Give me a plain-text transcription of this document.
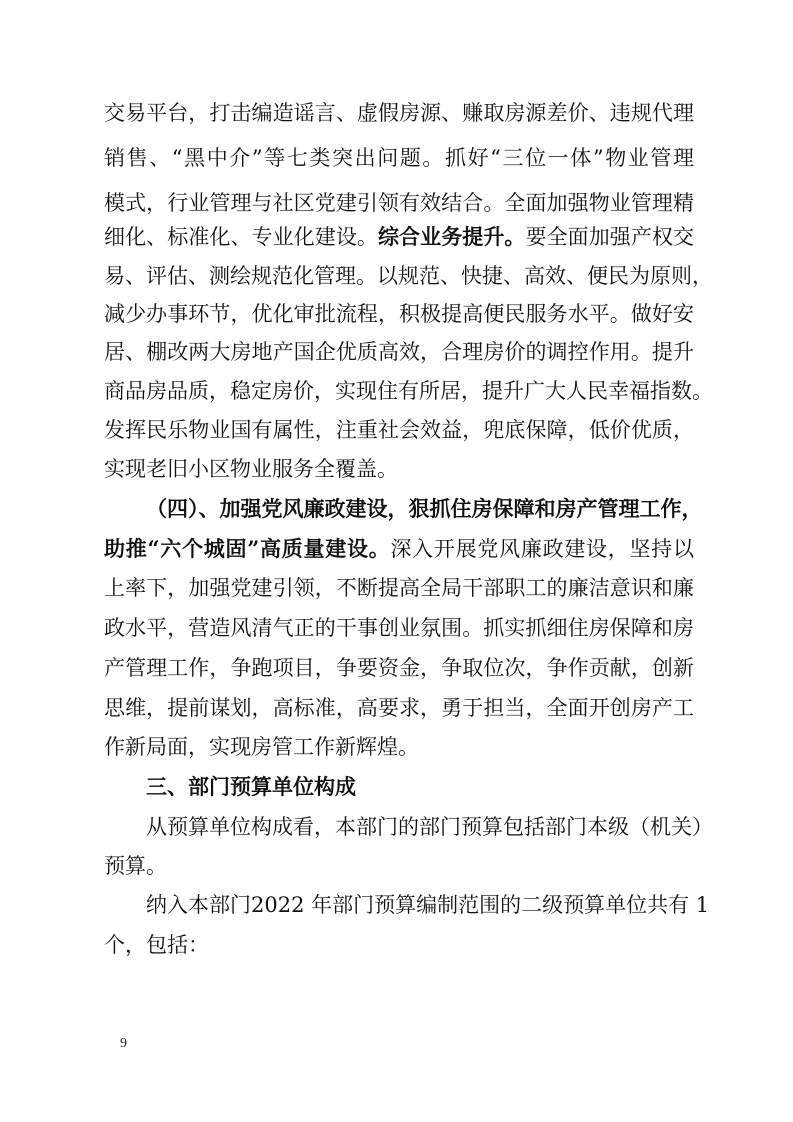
交易平台，打击编造谣言、虚假房源、赚取房源差价、违规代理
销售、“黑中介”等七类突出问题。抓好“三位一体”物业管理
模式，行业管理与社区党建引领有效结合。全面加强物业管理精
细化、标准化、专业化建设。综合业务提升。要全面加强产权交
易、评估、测绘规范化管理。以规范、快捷、高效、便民为原则，
减少办事环节，优化审批流程，积极提高便民服务水平。做好安
居、棚改两大房地产国企优质高效，合理房价的调控作用。提升
商品房品质，稳定房价，实现住有所居，提升广大人民幸福指数。
发挥民乐物业国有属性，注重社会效益，兜底保障，低价优质，
实现老旧小区物业服务全覆盖。
（四）、加强党风廉政建设，狠抓住房保障和房产管理工作，
助推“六个城固”高质量建设。深入开展党风廉政建设，坚持以
上率下，加强党建引领，不断提高全局干部职工的廉洁意识和廉
政水平，营造风清气正的干事创业氛围。抓实抓细住房保障和房
产管理工作，争跑项目，争要资金，争取位次，争作贡献，创新
思维，提前谋划，高标准，高要求，勇于担当，全面开创房产工
作新局面，实现房管工作新辉煌。
三、部门预算单位构成
从预算单位构成看，本部门的部门预算包括部门本级（机关）
预算。
纳入本部门2022 年部门预算编制范围的二级预算单位共有 1
个，包括：
9
